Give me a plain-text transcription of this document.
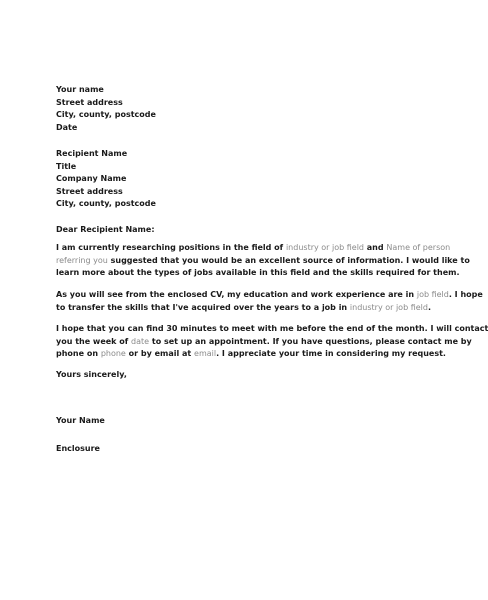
Your name
Street address
City, county, postcode
Date
Recipient Name
Title
Company Name
Street address
City, county, postcode
Dear Recipient Name:
I am currently researching positions in the field of industry or job field and Name of person
referring you suggested that you would be an excellent source of information. I would like to
learn more about the types of jobs available in this field and the skills required for them.
As you will see from the enclosed CV, my education and work experience are in job field. I hope
to transfer the skills that I've acquired over the years to a job in industry or job field.
I hope that you can find 30 minutes to meet with me before the end of the month. I will contact
you the week of date to set up an appointment. If you have questions, please contact me by
phone on phone or by email at email. I appreciate your time in considering my request.
Yours sincerely,
Your Name
Enclosure
